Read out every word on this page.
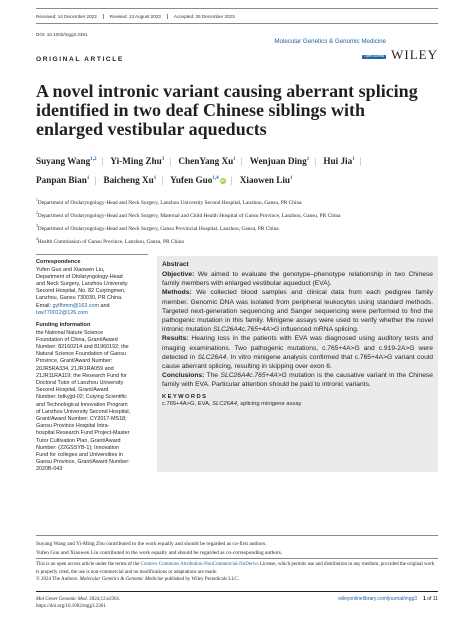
Received: 14 December 2022	Revised: 13 August 2023	Accepted: 26 December 2023
DOI: 10.1002/mgg3.2361
Molecular Genetics & Genomic Medicine
Open Access WILEY
ORIGINAL ARTICLE
A novel intronic variant causing aberrant splicing identified in two deaf Chinese siblings with enlarged vestibular aqueducts
Suyang Wang$^{1,2}$ | Yi-Ming Zhu$^3$ | ChenYang Xu$^1$ | Wenjuan Ding$^1$ | Hui Jia$^1$ |
Panpan Bian$^1$ | Baicheng Xu$^1$ | Yufen Guo$^{1,4}$ iD | Xiaowen Liu$^1$
$^1$Department of Otolaryngology-Head and Neck Surgery, Lanzhou University Second Hospital, Lanzhou, Gansu, PR China
$^2$Department of Otolaryngology-Head and Neck Surgery, Maternal and Child Health Hospital of Gansu Province, Lanzhou, Gansu, PR China
$^3$Department of Otolaryngology-Head and Neck Surgery, Gansu Provincial Hospital, Lanzhou, Gansu, PR China
$^4$Health Commission of Gansu Province, Lanzhou, Gansu, PR China
Correspondence

Yufen Guo and Xiaowen Liu,

Department of Otolaryngology-Head

and Neck Surgery, Lanzhou University

Second Hospital, No. 82 Cuiyingmen,

Lanzhou, Gansu 730030, PR China.

Email: gyflhmm@163.com and

lxw770012@126.com

Funding information

the National Nature Science

Foundation of China, Grant/Award

Number: 82160214 and 81960192; the

Natural Science Foundation of Gansu

Province, Grant/Award Number:

20JR5RA334, 21JR1RA059 and

21JR11RA119; the Research Fund for

Doctoral Tutor of Lanzhou University

Second Hospital, Grant/Award

Number: bdkyjjd-02; Cuiying Scientific

and Technological Innovation Program

of Lanzhou University Second Hospital,

Grant/Award Number: CY2017-MS18;

Gansu Province Hospital Intra-

hospital Research Fund Project-Master

Tutor Cultivation Plan, Grant/Award

Number: (22GSSYB-1); Innovation

Fund for colleges and Universities in

Gansu Province, Grant/Award Number:

2020B-043

Abstract

Objective: We aimed to evaluate the genotype–phenotype relationship in two Chinese family members with enlarged vestibular aqueduct (EVA).

Methods: We collected blood samples and clinical data from each pedigree family member. Genomic DNA was isolated from peripheral leukocytes using standard methods. Targeted next-generation sequencing and Sanger sequencing were performed to find the pathogenic mutation in this family. Minigene assays were used to verify whether the novel intronic mutation SLC26A4c.765+4A>G influenced mRNA splicing.

Results: Hearing loss in the patients with EVA was diagnosed using auditory tests and imaging examinations. Two pathogenic mutations, c.765+4A>G and c.919-2A>G were detected in SLC26A4. In vitro minigene analysis confirmed that c.765+4A>G variant could cause aberrant splicing, resulting in skipping over exon 6.

Conclusions: The SLC26A4c.765+4A>G mutation is the causative variant in the Chinese family with EVA. Particular attention should be paid to intronic variants.

KEYWORDS
c.765+4A>G, EVA, SLC26A4, splicing minigene assay

Suyang Wang and Yi-Ming Zhu contributed to the work equally and should be regarded as co-first authors.

Yufen Guo and Xiaowen Liu contributed to the work equally and should be regarded as co-corresponding authors.

This is an open access article under the terms of the Creative Commons Attribution-NonCommercial-NoDerivs License, which permits use and distribution in any medium, provided the original work is properly cited, the use is non-commercial and no modifications or adaptations are made.

© 2024 The Authors. Molecular Genetics & Genomic Medicine published by Wiley Periodicals LLC.

Mol Genet Genomic Med. 2024;12:e2361.
https://doi.org/10.1002/mgg3.2361
wileyonlinelibrary.com/journal/mgg3 1 of 11
